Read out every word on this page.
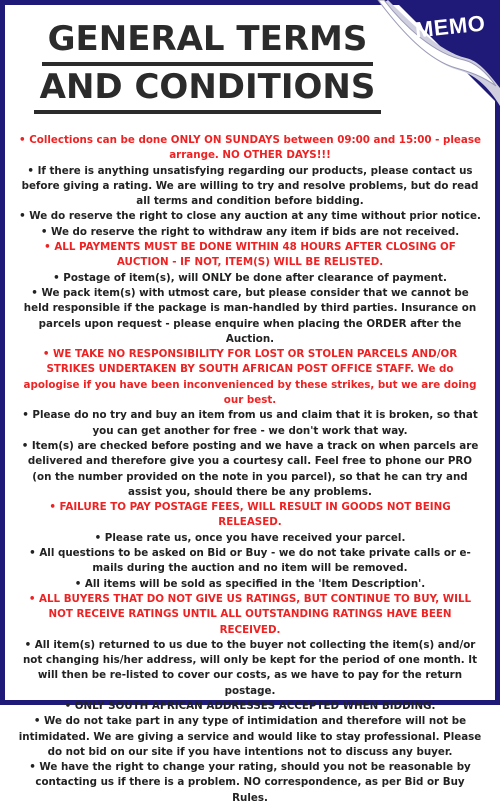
MEMO
GENERAL TERMS
AND CONDITIONS

• Collections can be done ONLY ON SUNDAYS between 09:00 and 15:00 - please arrange. NO OTHER DAYS!!!

• If there is anything unsatisfying regarding our products, please contact us before giving a rating. We are willing to try and resolve problems, but do read all terms and condition before bidding.

• We do reserve the right to close any auction at any time without prior notice.

• We do reserve the right to withdraw any item if bids are not received.

• ALL PAYMENTS MUST BE DONE WITHIN 48 HOURS AFTER CLOSING OF AUCTION - IF NOT, ITEM(S) WILL BE RELISTED.

• Postage of item(s), will ONLY be done after clearance of payment.

• We pack item(s) with utmost care, but please consider that we cannot be held responsible if the package is man-handled by third parties. Insurance on parcels upon request - please enquire when placing the ORDER after the Auction.

• WE TAKE NO RESPONSIBILITY FOR LOST OR STOLEN PARCELS AND/OR STRIKES UNDERTAKEN BY SOUTH AFRICAN POST OFFICE STAFF. We do apologise if you have been inconvenienced by these strikes, but we are doing our best.

• Please do no try and buy an item from us and claim that it is broken, so that you can get another for free - we don't work that way.

• Item(s) are checked before posting and we have a track on when parcels are delivered and therefore give you a courtesy call. Feel free to phone our PRO (on the number provided on the note in you parcel), so that he can try and assist you, should there be any problems.

• FAILURE TO PAY POSTAGE FEES, WILL RESULT IN GOODS NOT BEING RELEASED.

• Please rate us, once you have received your parcel.

• All questions to be asked on Bid or Buy - we do not take private calls or e-mails during the auction and no item will be removed.

• All items will be sold as specified in the 'Item Description'.

• ALL BUYERS THAT DO NOT GIVE US RATINGS, BUT CONTINUE TO BUY, WILL NOT RECEIVE RATINGS UNTIL ALL OUTSTANDING RATINGS HAVE BEEN RECEIVED.

• All item(s) returned to us due to the buyer not collecting the item(s) and/or not changing his/her address, will only be kept for the period of one month. It will then be re-listed to cover our costs, as we have to pay for the return postage.

• ONLY SOUTH AFRICAN ADDRESSES ACCEPTED WHEN BIDDING.

• We do not take part in any type of intimidation and therefore will not be intimidated. We are giving a service and would like to stay professional. Please do not bid on our site if you have intentions not to discuss any buyer.

• We have the right to change your rating, should you not be reasonable by contacting us if there is a problem. NO correspondence, as per Bid or Buy Rules.
